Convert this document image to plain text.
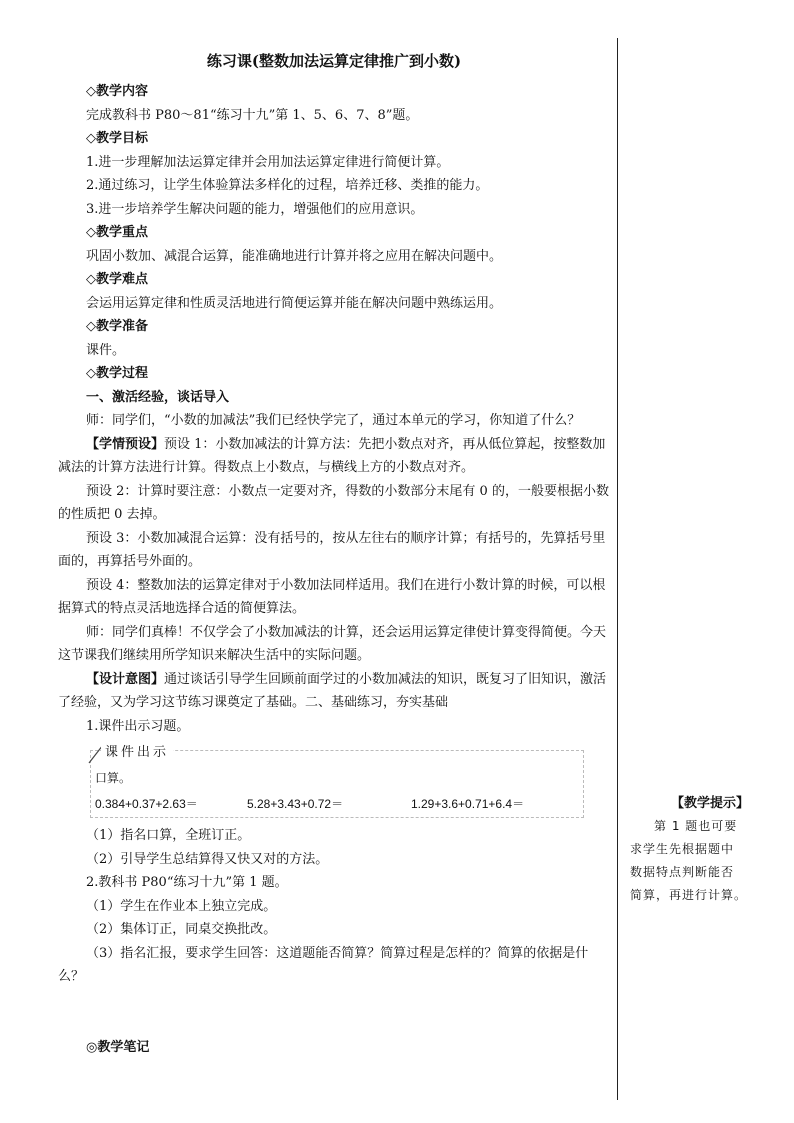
练习课(整数加法运算定律推广到小数)

◇教学内容

完成教科书 P80～81“练习十九”第 1、5、6、7、8”题。

◇教学目标

1.进一步理解加法运算定律并会用加法运算定律进行简便计算。

2.通过练习，让学生体验算法多样化的过程，培养迁移、类推的能力。

3.进一步培养学生解决问题的能力，增强他们的应用意识。

◇教学重点

巩固小数加、减混合运算，能准确地进行计算并将之应用在解决问题中。

◇教学难点

会运用运算定律和性质灵活地进行简便运算并能在解决问题中熟练运用。

◇教学准备

课件。

◇教学过程

一、激活经验，谈话导入

师：同学们，“小数的加减法”我们已经快学完了，通过本单元的学习，你知道了什么？

【学情预设】预设 1：小数加减法的计算方法：先把小数点对齐，再从低位算起，按整数加减法的计算方法进行计算。得数点上小数点，与横线上方的小数点对齐。

预设 2：计算时要注意：小数点一定要对齐，得数的小数部分末尾有 0 的，一般要根据小数的性质把 0 去掉。

预设 3：小数加减混合运算：没有括号的，按从左往右的顺序计算；有括号的，先算括号里面的，再算括号外面的。

预设 4：整数加法的运算定律对于小数加法同样适用。我们在进行小数计算的时候，可以根据算式的特点灵活地选择合适的简便算法。

师：同学们真棒！不仅学会了小数加减法的计算，还会运用运算定律使计算变得简便。今天这节课我们继续用所学知识来解决生活中的实际问题。

【设计意图】通过谈话引导学生回顾前面学过的小数加减法的知识，既复习了旧知识，激活了经验，又为学习这节练习课奠定了基础。二、基础练习，夯实基础

1.课件出示习题。

课件出示
口算。
0.384+0.37+2.63＝	5.28+3.43+0.72＝	1.29+3.6+0.71+6.4＝

（1）指名口算，全班订正。

（2）引导学生总结算得又快又对的方法。

2.教科书 P80“练习十九”第 1 题。

（1）学生在作业本上独立完成。

（2）集体订正，同桌交换批改。

（3）指名汇报，要求学生回答：这道题能否简算？简算过程是怎样的？简算的依据是什么？

【教学提示】
第 1 题也可要
求学生先根据题中
数据特点判断能否
简算，再进行计算。
◎教学笔记
